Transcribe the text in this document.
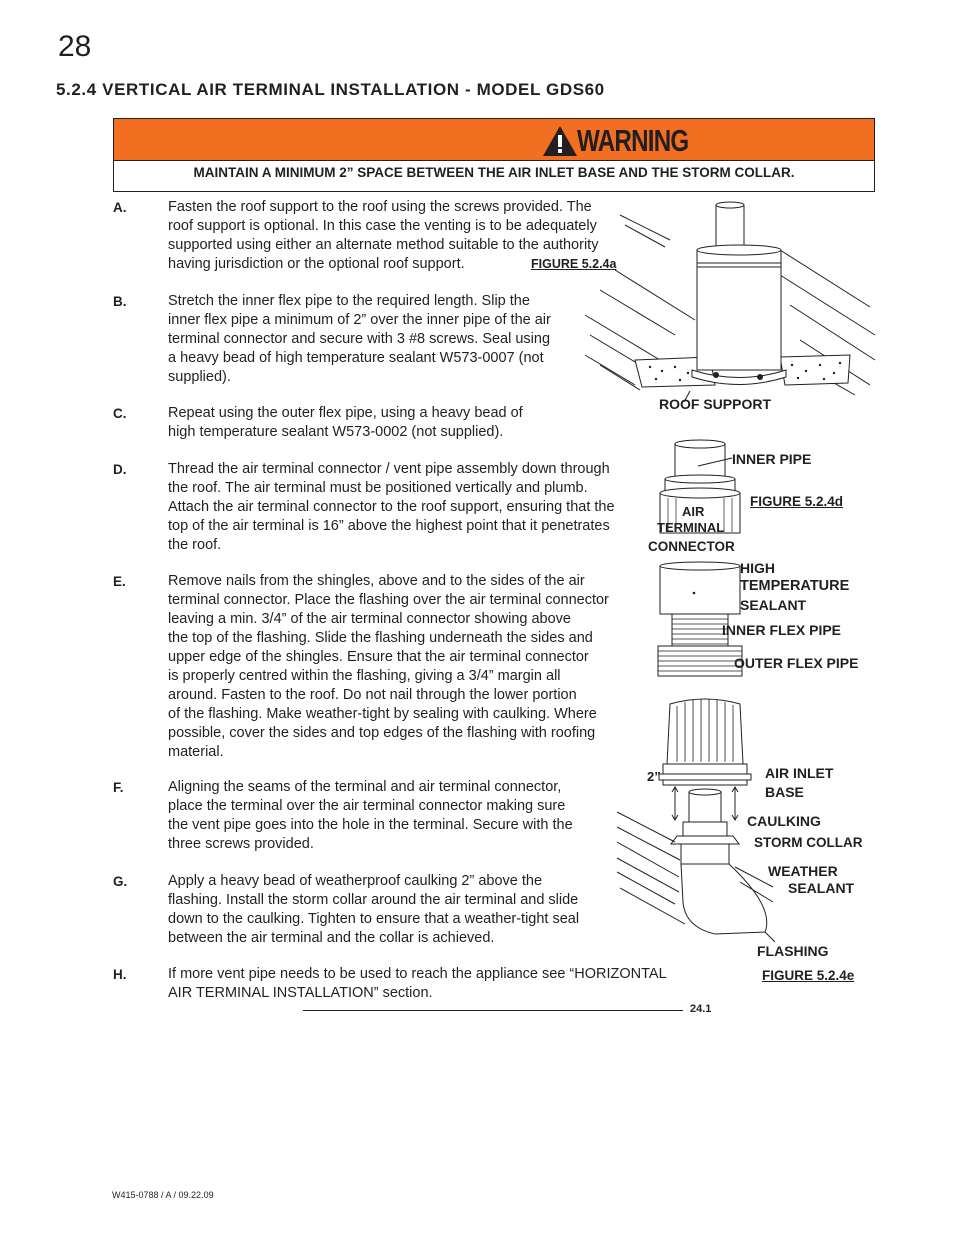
28
5.2.4 VERTICAL AIR TERMINAL INSTALLATION - MODEL GDS60
WARNING
MAINTAIN A MINIMUM 2” SPACE BETWEEN THE AIR INLET BASE AND THE STORM COLLAR.
A.	Fasten the roof support to the roof using the screws provided. The
roof support is optional. In this case the venting is to be adequately
supported using either an alternate method suitable to the authority
having jurisdiction or the optional roof support.
B.	Stretch the inner flex pipe to the required length. Slip the
inner flex pipe a minimum of 2” over the inner pipe of the air
terminal connector and secure with 3 #8 screws. Seal using
a heavy bead of high temperature sealant W573-0007 (not
supplied).
C.	Repeat using the outer flex pipe, using a heavy bead of
high temperature sealant W573-0002 (not supplied).
D.	Thread the air terminal connector / vent pipe assembly down through
the roof. The air terminal must be positioned vertically and plumb.
Attach the air terminal connector to the roof support, ensuring that the
top of the air terminal is 16” above the highest point that it penetrates
the roof.
E.	Remove nails from the shingles, above and to the sides of the air
terminal connector. Place the flashing over the air terminal connector
leaving a min. 3/4” of the air terminal connector showing above
the top of the flashing. Slide the flashing underneath the sides and
upper edge of the shingles. Ensure that the air terminal connector
is properly centred within the flashing, giving a 3/4” margin all
around. Fasten to the roof. Do not nail through the lower portion
of the flashing. Make weather-tight by sealing with caulking. Where
possible, cover the sides and top edges of the flashing with roofing
material.
F.	Aligning the seams of the terminal and air terminal connector,
place the terminal over the air terminal connector making sure
the vent pipe goes into the hole in the terminal. Secure with the
three screws provided.
G.	Apply a heavy bead of weatherproof caulking 2” above the
flashing. Install the storm collar around the air terminal and slide
down to the caulking. Tighten to ensure that a weather-tight seal
between the air terminal and the collar is achieved.
H.	If more vent pipe needs to be used to reach the appliance see “HORIZONTAL
AIR TERMINAL INSTALLATION” section.
FIGURE 5.2.4a
ROOF SUPPORT
INNER PIPE
FIGURE 5.2.4d
AIR
TERMINAL
CONNECTOR
HIGH
TEMPERATURE
SEALANT
INNER FLEX PIPE
OUTER FLEX PIPE
2”	AIR INLET
BASE
CAULKING
STORM COLLAR
WEATHER
SEALANT
FLASHING
FIGURE 5.2.4e
24.1
W415-0788 / A / 09.22.09
